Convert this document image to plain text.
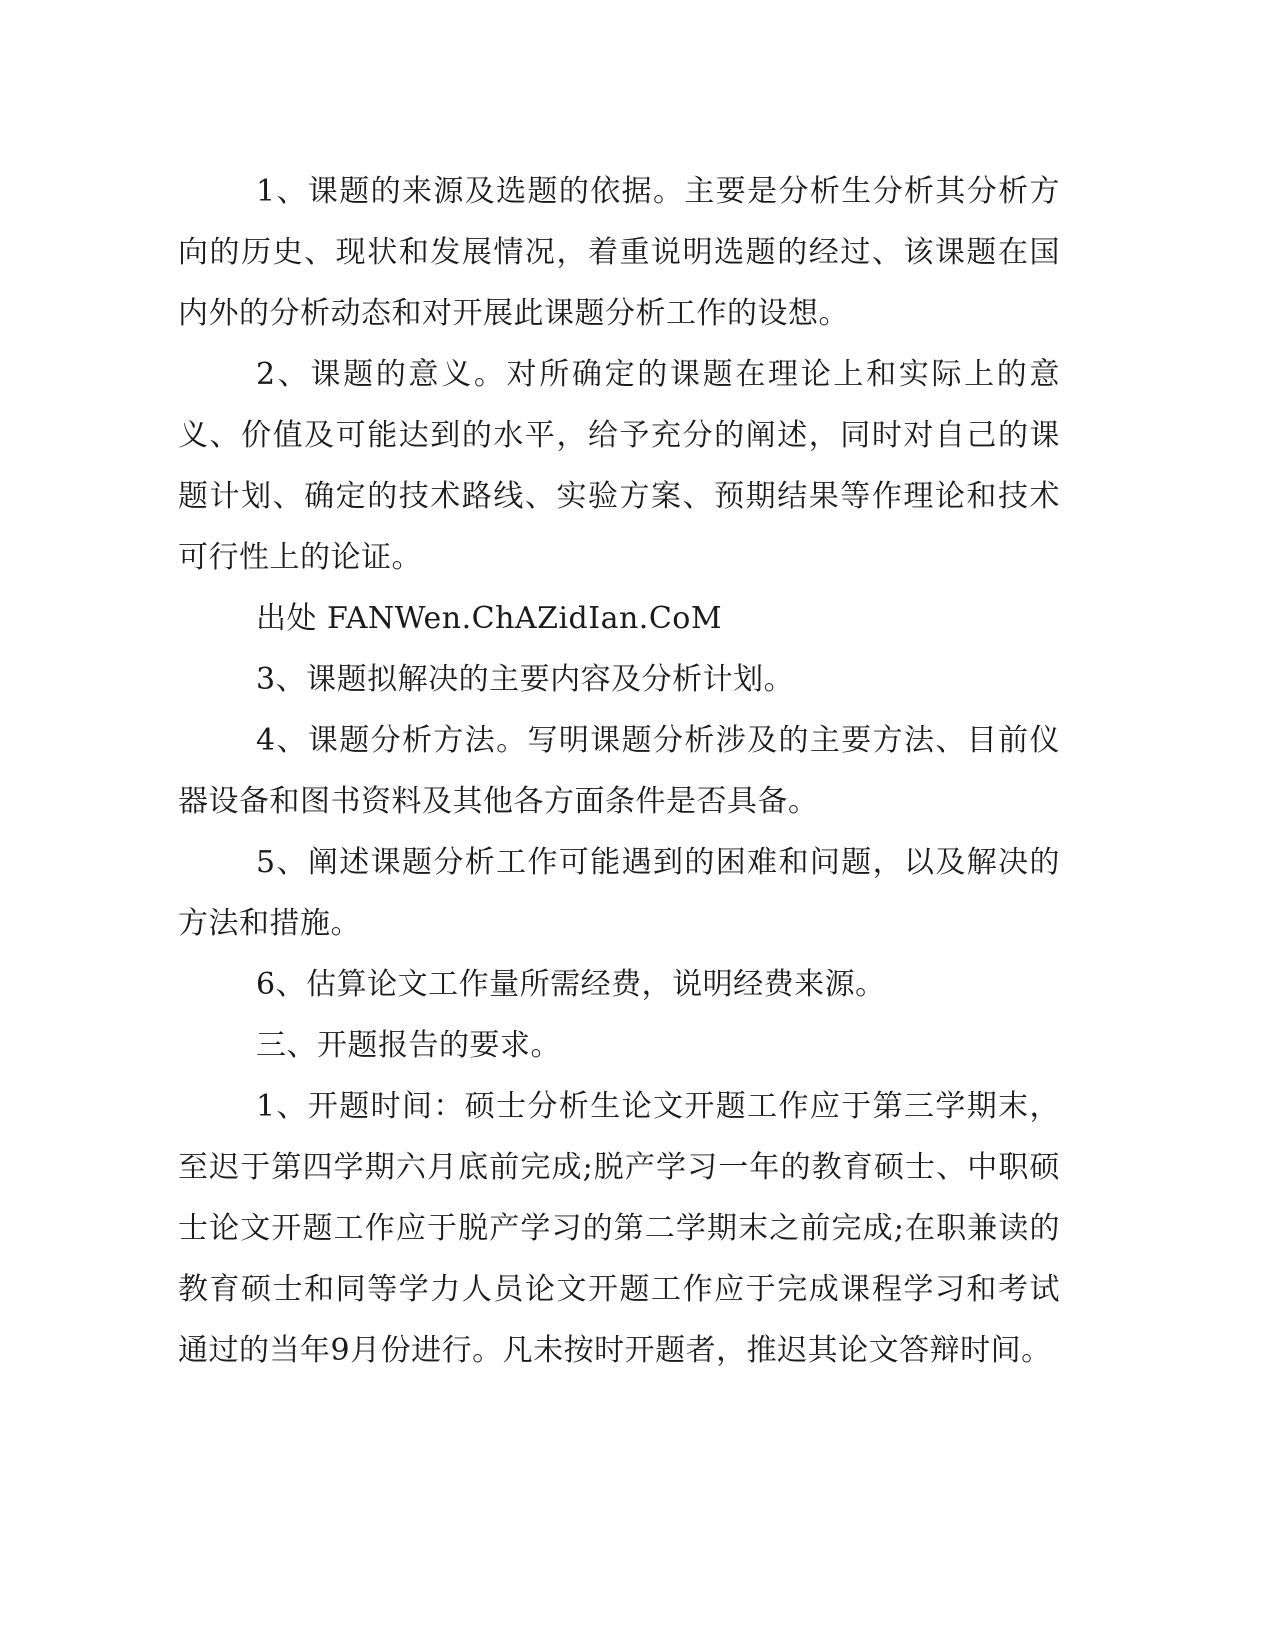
1、课题的来源及选题的依据。主要是分析生分析其分析方向的历史、现状和发展情况，着重说明选题的经过、该课题在国内外的分析动态和对开展此课题分析工作的设想。

2、课题的意义。对所确定的课题在理论上和实际上的意义、价值及可能达到的水平，给予充分的阐述，同时对自己的课题计划、确定的技术路线、实验方案、预期结果等作理论和技术可行性上的论证。

出处 FANWen.ChAZidIan.CoM

3、课题拟解决的主要内容及分析计划。

4、课题分析方法。写明课题分析涉及的主要方法、目前仪器设备和图书资料及其他各方面条件是否具备。

5、阐述课题分析工作可能遇到的困难和问题，以及解决的方法和措施。

6、估算论文工作量所需经费，说明经费来源。

三、开题报告的要求。

1、开题时间：硕士分析生论文开题工作应于第三学期末，至迟于第四学期六月底前完成;脱产学习一年的教育硕士、中职硕士论文开题工作应于脱产学习的第二学期末之前完成;在职兼读的教育硕士和同等学力人员论文开题工作应于完成课程学习和考试通过的当年9月份进行。凡未按时开题者，推迟其论文答辩时间。
